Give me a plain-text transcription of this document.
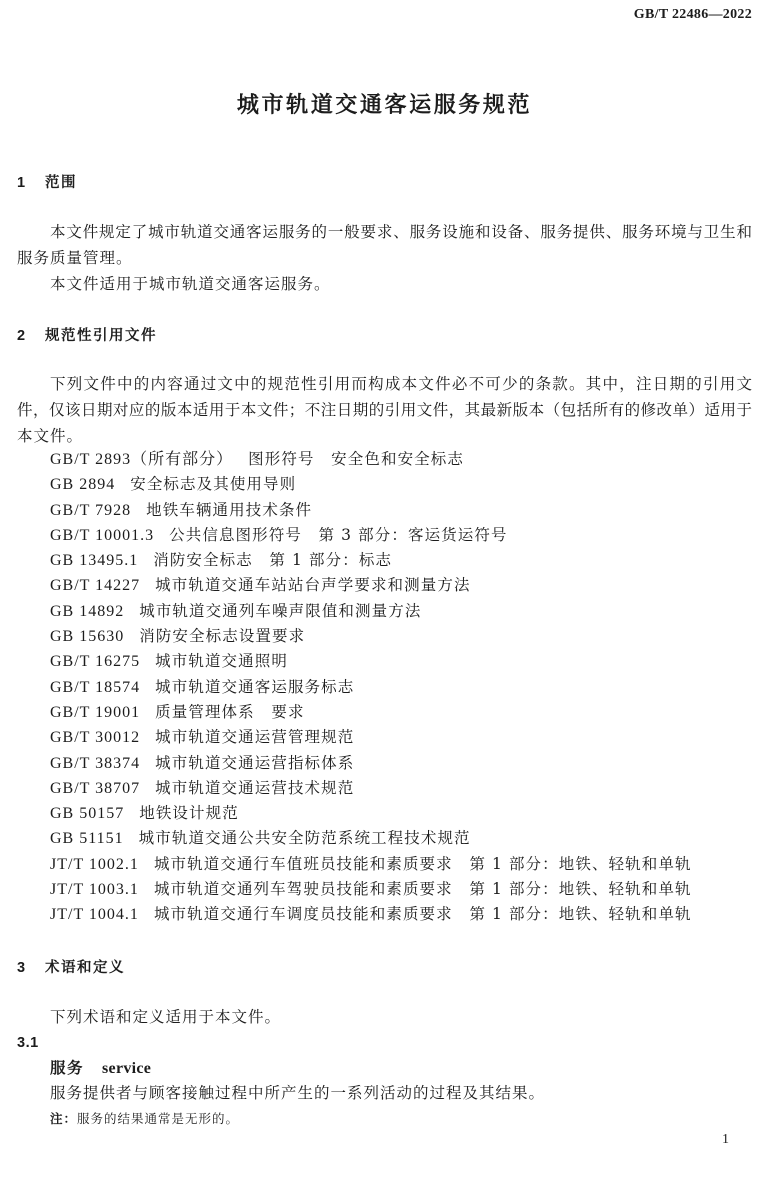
GB/T 22486—2022
城市轨道交通客运服务规范
1 范围
本文件规定了城市轨道交通客运服务的一般要求、服务设施和设备、服务提供、服务环境与卫生和
服务质量管理。
本文件适用于城市轨道交通客运服务。
2 规范性引用文件
下列文件中的内容通过文中的规范性引用而构成本文件必不可少的条款。其中，注日期的引用文
件，仅该日期对应的版本适用于本文件；不注日期的引用文件，其最新版本（包括所有的修改单）适用于
本文件。
GB/T 2893（所有部分） 图形符号　安全色和安全标志
GB 2894 安全标志及其使用导则
GB/T 7928 地铁车辆通用技术条件
GB/T 10001.3 公共信息图形符号　第 3 部分：客运货运符号
GB 13495.1 消防安全标志　第 1 部分：标志
GB/T 14227 城市轨道交通车站站台声学要求和测量方法
GB 14892 城市轨道交通列车噪声限值和测量方法
GB 15630 消防安全标志设置要求
GB/T 16275 城市轨道交通照明
GB/T 18574 城市轨道交通客运服务标志
GB/T 19001 质量管理体系　要求
GB/T 30012 城市轨道交通运营管理规范
GB/T 38374 城市轨道交通运营指标体系
GB/T 38707 城市轨道交通运营技术规范
GB 50157 地铁设计规范
GB 51151 城市轨道交通公共安全防范系统工程技术规范
JT/T 1002.1 城市轨道交通行车值班员技能和素质要求　第 1 部分：地铁、轻轨和单轨
JT/T 1003.1 城市轨道交通列车驾驶员技能和素质要求　第 1 部分：地铁、轻轨和单轨
JT/T 1004.1 城市轨道交通行车调度员技能和素质要求　第 1 部分：地铁、轻轨和单轨
3 术语和定义
下列术语和定义适用于本文件。
3.1
服务 service
服务提供者与顾客接触过程中所产生的一系列活动的过程及其结果。
注：服务的结果通常是无形的。
1
